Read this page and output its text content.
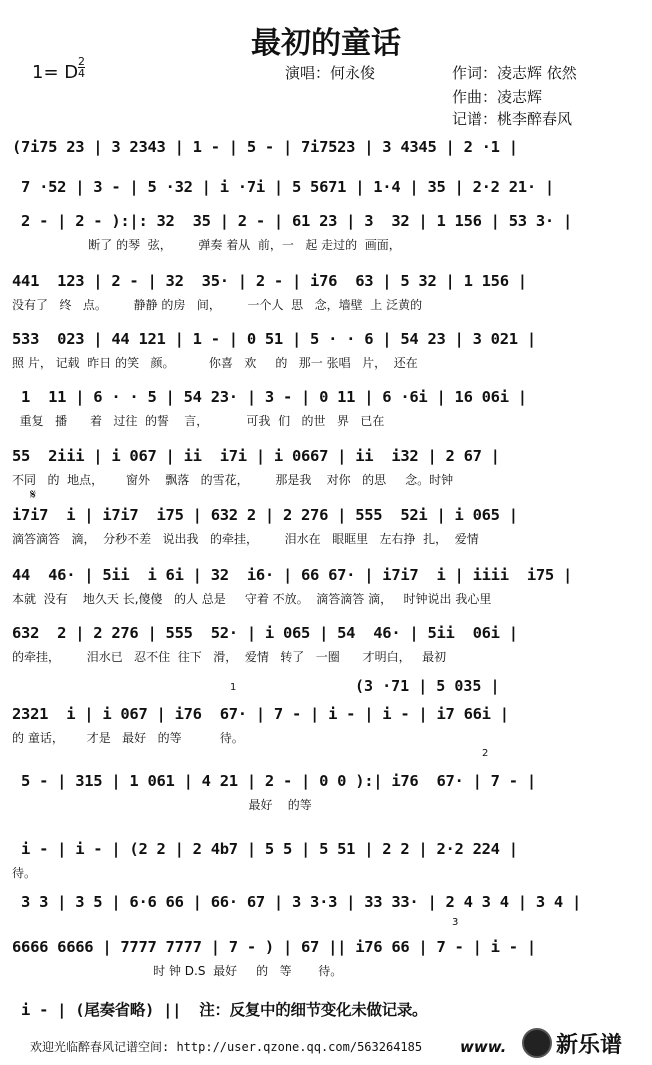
最初的童话
1= D $\frac{2}{4}$	演唱：何永俊	作词：凌志辉 依然
作曲：凌志辉
记谱：桃李醉春风
(3 ·71 | 5 035 |
1
2
3
𝄋
(7i75 23 | 3 2343 | 1 - | 5 - | 7i7523 | 3 4345 | 2 ·1 |
7 ·52 | 3 - | 5 ·32 | i ·7i | 5 5671 | 1·4 | 35 | 2·2 21· |
2 - | 2 - ):|: 32  35 | 2 - | 61 23 | 3  32 | 1 156 | 53 3· |
断了 的琴  弦，       弹奏 着从  前，一   起 走过的  画面，
441  123 | 2 - | 32  35· | 2 - | i76  63 | 5 32 | 1 156 |
没有了   终   点。       静静 的房   间，       一个人  思   念，墙壁  上 泛黄的
533  023 | 44 121 | 1 - | 0 51 | 5 · · 6 | 54 23 | 3 021 |
照 片， 记载  昨日 的笑   颜。         你喜   欢     的   那一 张唱   片，  还在
1  11 | 6 · · 5 | 54 23· | 3 - | 0 11 | 6 ·6i | 16 06i |
重复   播      着   过往  的誓    言，          可我  们   的世   界   已在
55  2iii | i 067 | ii  i7i | i 0667 | ii  i32 | 2 67 |
不同   的  地点，      窗外    飘落   的雪花，       那是我    对你   的思     念。时钟
i7i7  i | i7i7  i75 | 632 2 | 2 276 | 555  52i | i 065 |
滴答滴答   滴，  分秒不差   说出我   的牵挂，       泪水在   眼眶里   左右挣  扎，  爱情
44  46· | 5ii  i 6i | 32  i6· | 66 67· | i7i7  i | iiii  i75 |
本就  没有    地久天 长,傻傻   的人 总是     守着 不放。  滴答滴答 滴，   时钟说出 我心里
632  2 | 2 276 | 555  52· | i 065 | 54  46· | 5ii  06i |
的牵挂，       泪水已   忍不住  往下   滑，  爱情   转了   一圈      才明白，   最初
2321  i | i 067 | i76  67· | 7 - | i - | i - | i7 66i |
的 童话，      才是   最好   的等          待。
5 - | 315 | 1 061 | 4 21 | 2 - | 0 0 ):| i76  67· | 7 - |
最好    的等
i - | i - | (2 2 | 2 4b7 | 5 5 | 5 51 | 2 2 | 2·2 224 |
待。
3 3 | 3 5 | 6·6 66 | 66· 67 | 3 3·3 | 33 33· | 2 4 3 4 | 3 4 |
6666 6666 | 7777 7777 | 7 - ) | 67 || i76 66 | 7 - | i - |
时 钟 D.S  最好     的   等       待。
i - | (尾奏省略) ||  注：反复中的细节变化未做记录。
欢迎光临醉春风记谱空间: http://user.qzone.qq.com/563264185	www. 新乐谱
